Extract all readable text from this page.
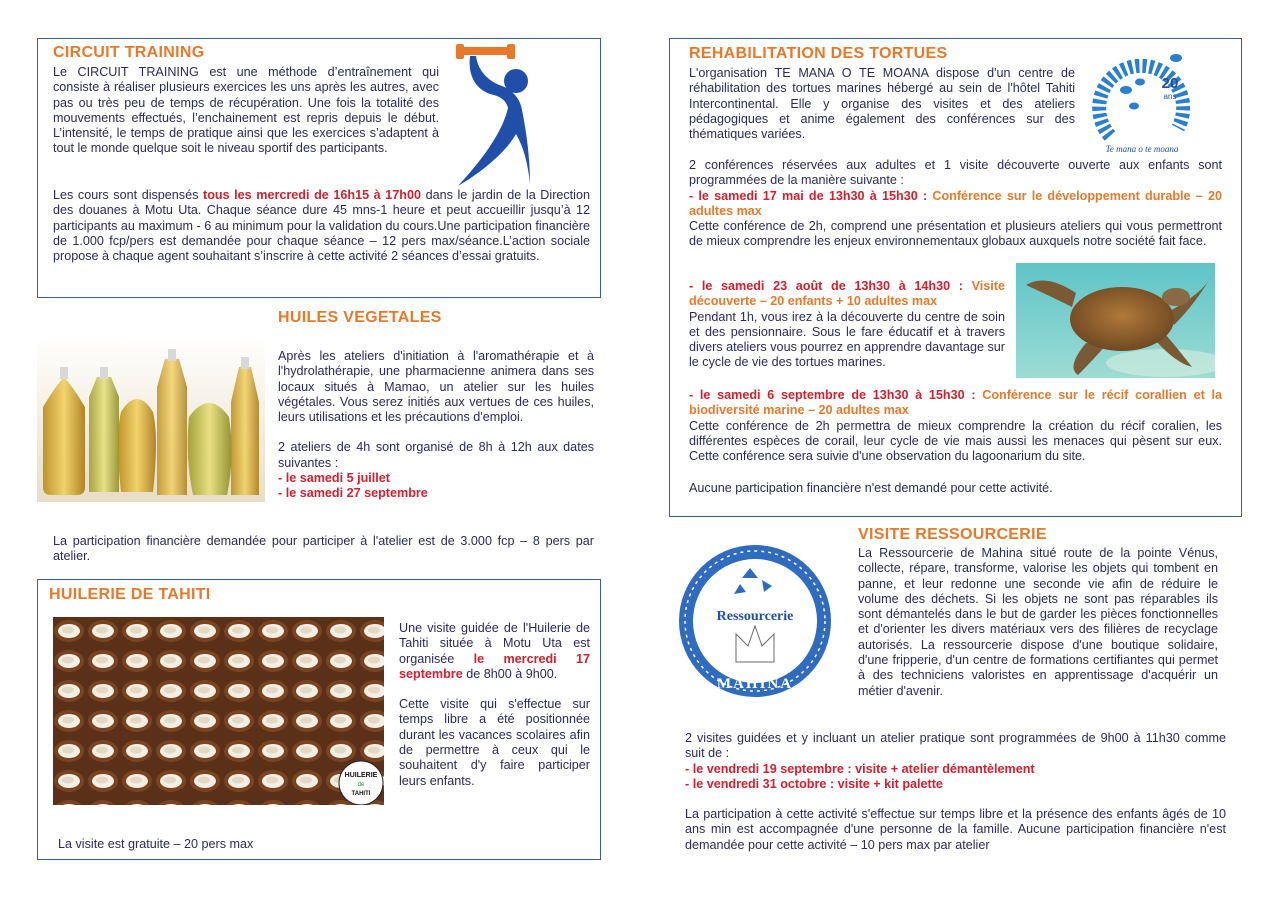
CIRCUIT TRAINING

Le CIRCUIT TRAINING est une méthode d’entraînement qui consiste à réaliser plusieurs exercices les uns après les autres, avec pas ou très peu de temps de récupération. Une fois la totalité des mouvements effectués, l’enchainement est repris depuis le début. L’intensité, le temps de pratique ainsi que les exercices s’adaptent à tout le monde quelque soit le niveau sportif des participants.

Les cours sont dispensés tous les mercredi de 16h15 à 17h00 dans le jardin de la Direction des douanes à Motu Uta. Chaque séance dure 45 mns-1 heure et peut accueillir jusqu’à 12 participants au maximum - 6 au minimum pour la validation du cours.Une participation financière de 1.000 fcp/pers est demandée pour chaque séance – 12 pers max/séance.L’action sociale propose à chaque agent souhaitant s’inscrire à cette activité 2 séances d’essai gratuits.

HUILES VEGETALES

Après les ateliers d'initiation à l'aromathérapie et à l'hydrolathérapie, une pharmacienne animera dans ses locaux situés à Mamao, un atelier sur les huiles végétales. Vous serez initiés aux vertues de ces huiles, leurs utilisations et les précautions d'emploi.

2 ateliers de 4h sont organisé de 8h à 12h aux dates suivantes :

- le samedi 5 juillet
- le samedi 27 septembre
La participation financière demandée pour participer à l'atelier est de 3.000 fcp – 8 pers par atelier.
HUILERIE DE TAHITI
HUILERIE
de
TAHITI

Une visite guidée de l'Huilerie de Tahiti située à Motu Uta est organisée le mercredi 17 septembre de 8h00 à 9h00.

Cette visite qui s'effectue sur temps libre a été positionnée durant les vacances scolaires afin de permettre à ceux qui le souhaitent d'y faire participer leurs enfants.

La visite est gratuite – 20 pers max
REHABILITATION DES TORTUES
20
ans
Te mana o te moana

L'organisation TE MANA O TE MOANA dispose d'un centre de réhabilitation des tortues marines hébergé au sein de l'hôtel Tahiti Intercontinental. Elle y organise des visites et des ateliers pédagogiques et anime également des conférences sur des thématiques variées.

2 conférences réservées aux adultes et 1 visite découverte ouverte aux enfants sont programmées de la manière suivante :

- le samedi 17 mai de 13h30 à 15h30 : Conférence sur le développement durable – 20 adultes max
Cette conférence de 2h, comprend une présentation et plusieurs ateliers qui vous permettront de mieux comprendre les enjeux environnementaux globaux auxquels notre société fait face.
- le samedi 23 août de 13h30 à 14h30 : Visite découverte – 20 enfants + 10 adultes max
Pendant 1h, vous irez à la découverte du centre de soin et des pensionnaire. Sous le fare éducatif et à travers divers ateliers vous pourrez en apprendre davantage sur le cycle de vie des tortues marines.
- le samedi 6 septembre de 13h30 à 15h30 : Conférence sur le récif corallien et la biodiversité marine – 20 adultes max
Cette conférence de 2h permettra de mieux comprendre la création du récif coralien, les différentes espèces de corail, leur cycle de vie mais aussi les menaces qui pèsent sur eux. Cette conférence sera suivie d'une observation du lagoonarium du site.
Aucune participation financière n'est demandé pour cette activité.
VISITE RESSOURCERIE
Ressourcerie
MAHINA
La Ressourcerie de Mahina situé route de la pointe Vénus, collecte, répare, transforme, valorise les objets qui tombent en panne, et leur redonne une seconde vie afin de réduire le volume des déchets. Si les objets ne sont pas réparables ils sont démantelés dans le but de garder les pièces fonctionnelles et d'orienter les divers matériaux vers des filières de recyclage autorisés. La ressourcerie dispose d'une boutique solidaire, d'une fripperie, d'un centre de formations certifiantes qui permet à des techniciens valoristes en apprentissage d'acquérir un métier d'avenir.

2 visites guidées et y incluant un atelier pratique sont programmées de 9h00 à 11h30 comme suit de :

- le vendredi 19 septembre : visite + atelier démantèlement
- le vendredi 31 octobre : visite + kit palette
La participation à cette activité s'effectue sur temps libre et la présence des enfants âgés de 10 ans min est accompagnée d'une personne de la famille. Aucune participation financière n'est demandée pour cette activité – 10 pers max par atelier
